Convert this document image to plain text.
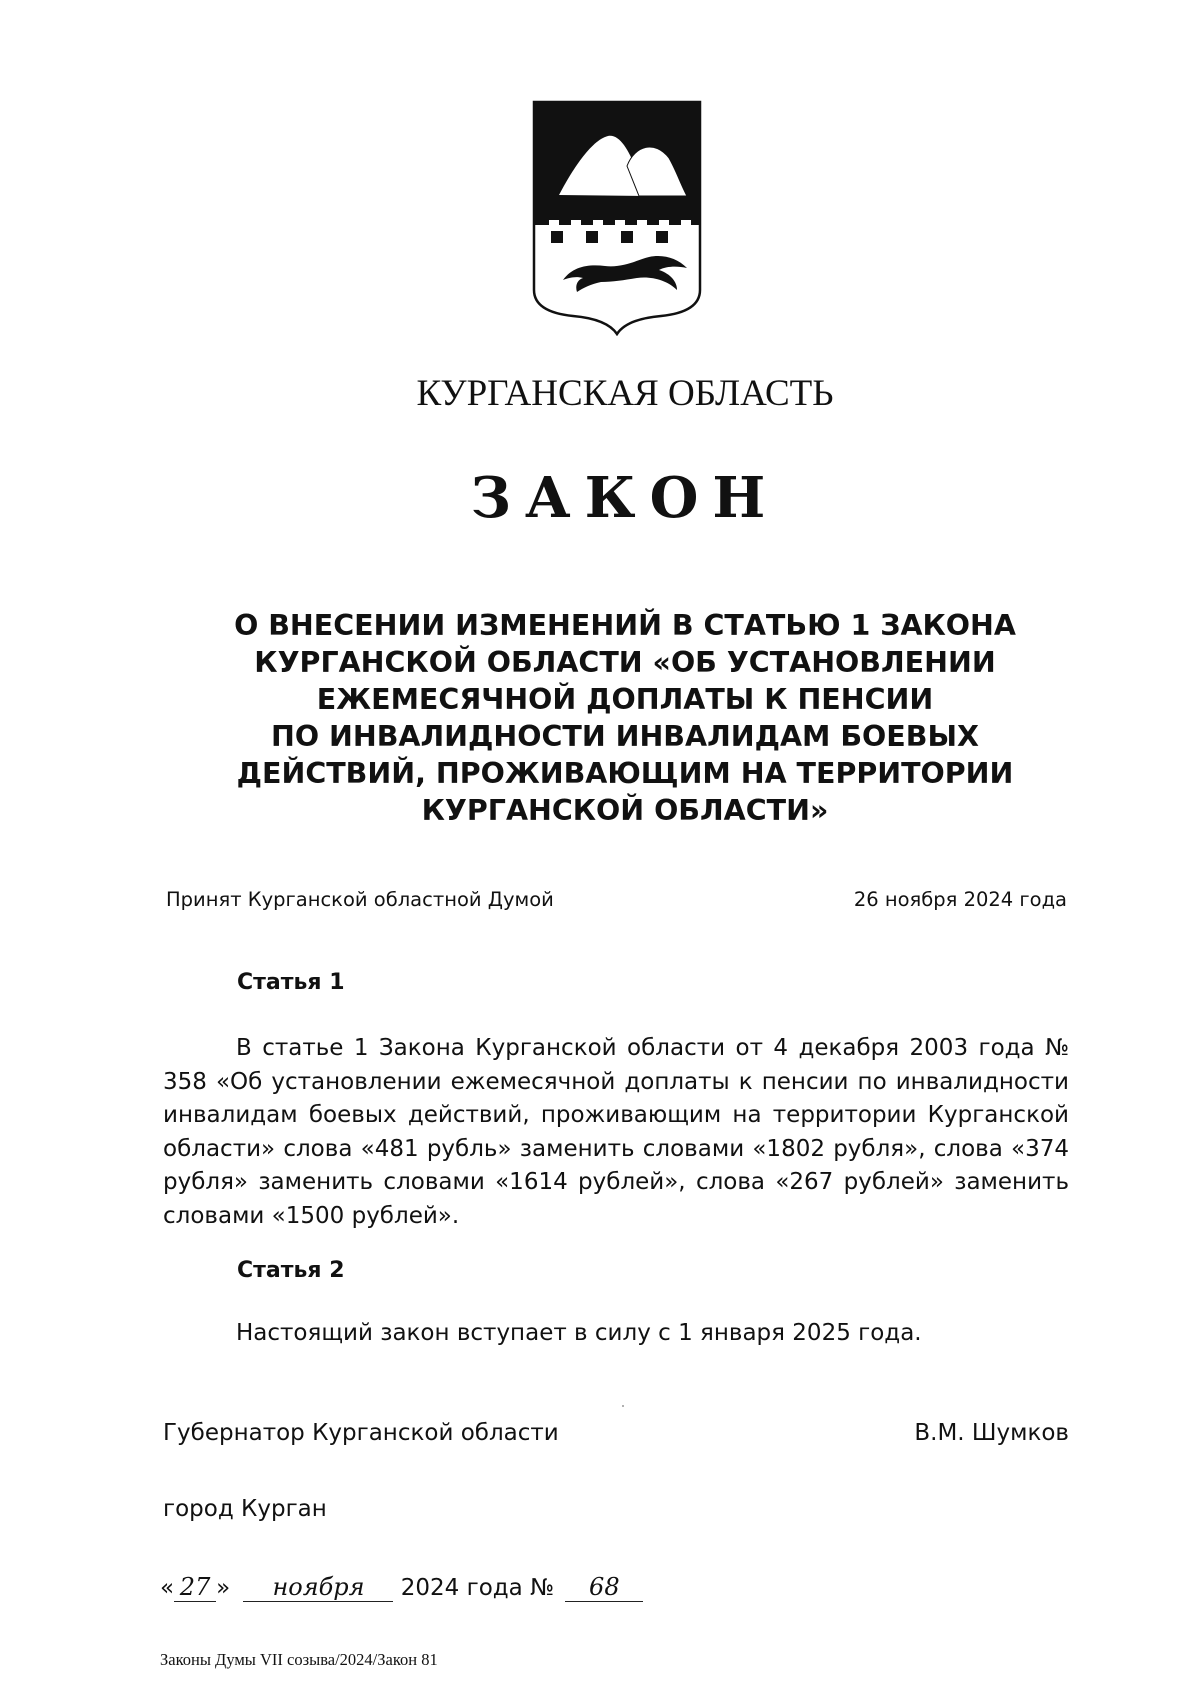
КУРГАНСКАЯ ОБЛАСТЬ
ЗАКОН
О ВНЕСЕНИИ ИЗМЕНЕНИЙ В СТАТЬЮ 1 ЗАКОНА
КУРГАНСКОЙ ОБЛАСТИ «ОБ УСТАНОВЛЕНИИ
ЕЖЕМЕСЯЧНОЙ ДОПЛАТЫ К ПЕНСИИ
ПО ИНВАЛИДНОСТИ ИНВАЛИДАМ БОЕВЫХ
ДЕЙСТВИЙ, ПРОЖИВАЮЩИМ НА ТЕРРИТОРИИ
КУРГАНСКОЙ ОБЛАСТИ»
Принят Курганской областной Думой	26 ноября 2024 года
Статья 1
В статье 1 Закона Курганской области от 4 декабря 2003 года № 358 «Об установлении ежемесячной доплаты к пенсии по инвалидности инвалидам боевых действий, проживающим на территории Курганской области» слова «481 рубль» заменить словами «1802 рубля», слова «374 рубля» заменить словами «1614 рублей», слова «267 рублей» заменить словами «1500 рублей».
Статья 2
Настоящий закон вступает в силу с 1 января 2025 года.
Губернатор Курганской области	В.М. Шумков
город Курган
« 27 » ноября 2024 года № 68
Законы Думы VII созыва/2024/Закон 81
